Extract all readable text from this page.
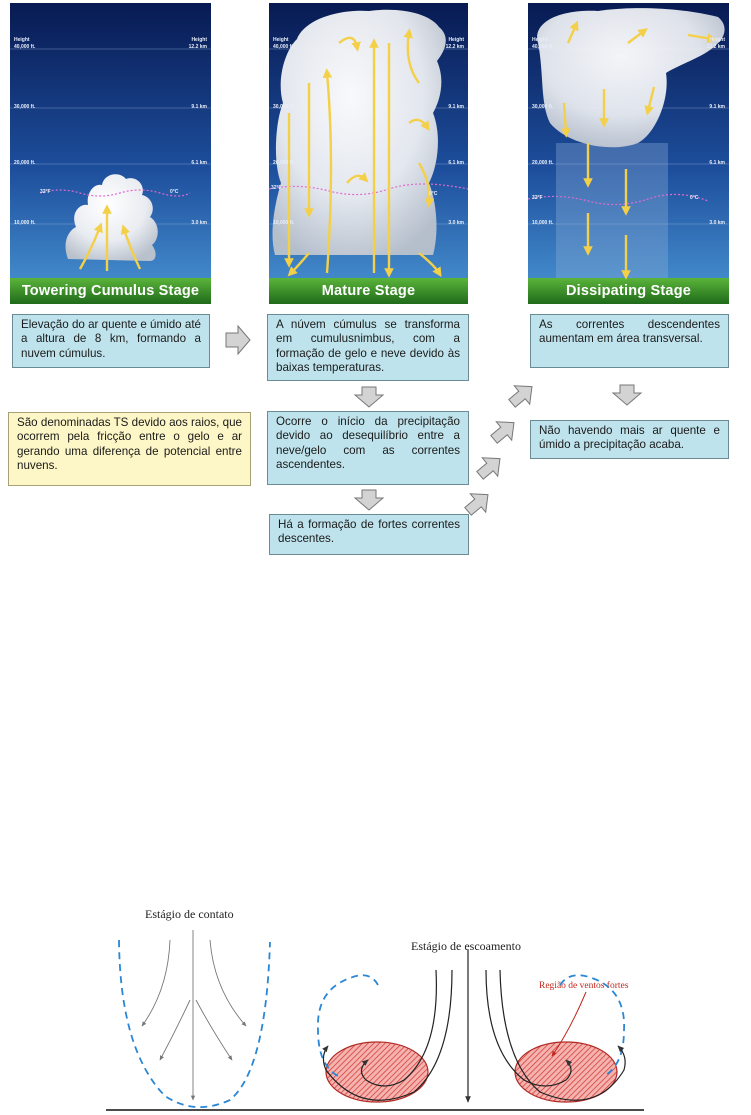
Height	Height
40,000 ft.	12.2 km
30,000 ft.	9.1 km
20,000 ft.	6.1 km
10,000 ft.	3.0 km
32°F	0°C
Towering Cumulus Stage
Height	Height
40,000 ft.	12.2 km
30,000 ft.	9.1 km
20,000 ft.	6.1 km
10,000 ft.	3.0 km
32°F
0°C
Mature Stage
Height	Height
40,000 ft.	12.2 km
30,000 ft.	9.1 km
20,000 ft.	6.1 km
10,000 ft.	3.0 km
32°F	0°C
Dissipating Stage
Elevação do ar quente e úmido até a altura de 8 km, formando a nuvem cúmulus.
A núvem cúmulus se transforma em cumulusnimbus, com a formação de gelo e neve devido às baixas temperaturas.
As correntes descendentes aumentam em área transversal.
São denominadas TS devido aos raios, que ocorrem pela fricção entre o gelo e ar gerando uma diferença de potencial entre nuvens.
Ocorre o início da precipitação devido ao desequilíbrio entre a neve/gelo com as correntes ascendentes.
Não havendo mais ar quente e úmido a precipitação acaba.
Há a formação de fortes correntes descentes.
Estágio de contato
Estágio de escoamento
Região de ventos fortes
